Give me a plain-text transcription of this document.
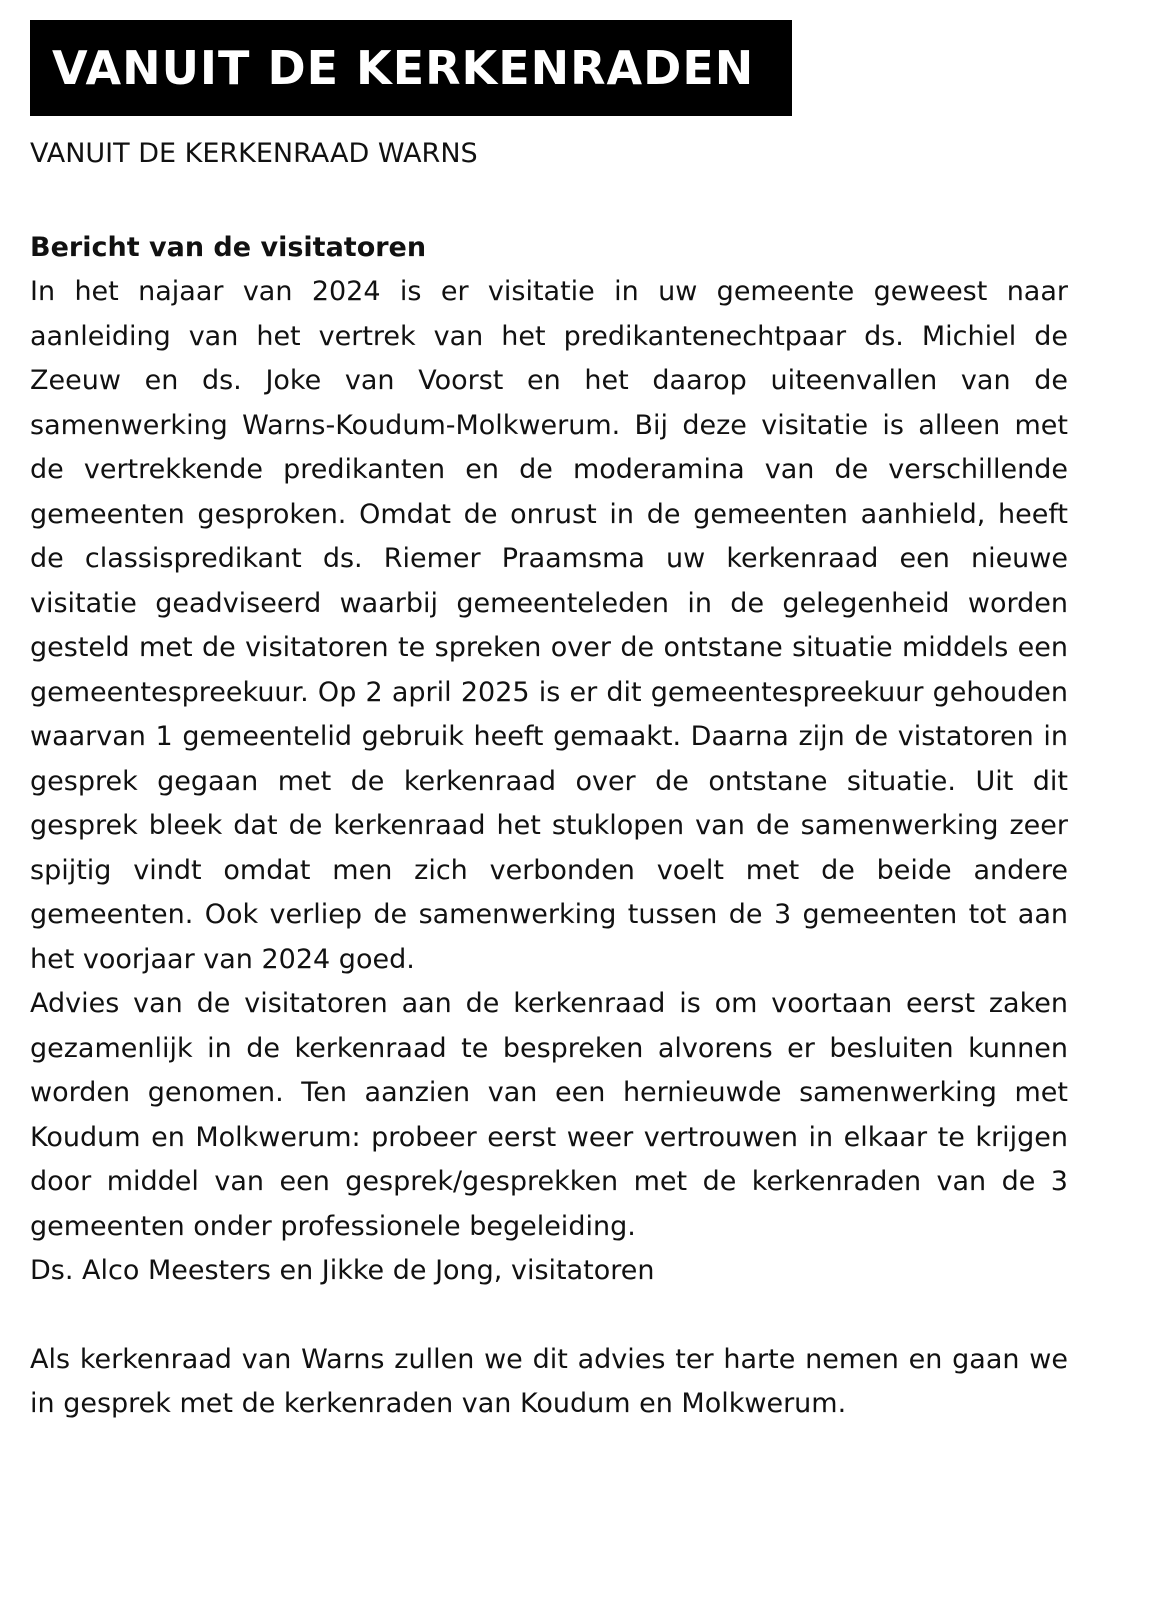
VANUIT DE KERKENRADEN
VANUIT DE KERKENRAAD WARNS
Bericht van de visitatoren

In het najaar van 2024 is er visitatie in uw gemeente geweest naar aanleiding van het vertrek van het predikantenechtpaar ds. Michiel de Zeeuw en ds. Joke van Voorst en het daarop uiteenvallen van de samenwerking Warns-Koudum-Molkwerum. Bij deze visitatie is alleen met de vertrekkende predikanten en de moderamina van de verschillende gemeenten gesproken. Omdat de onrust in de gemeenten aanhield, heeft de classispredikant ds. Riemer Praamsma uw kerkenraad een nieuwe visitatie geadviseerd waarbij gemeenteleden in de gelegenheid worden gesteld met de visitatoren te spreken over de ontstane situatie middels een gemeentespreekuur. Op 2 april 2025 is er dit gemeentespreekuur gehouden waarvan 1 gemeentelid gebruik heeft gemaakt. Daarna zijn de vistatoren in gesprek gegaan met de kerkenraad over de ontstane situatie. Uit dit gesprek bleek dat de kerkenraad het stuklopen van de samenwerking zeer spijtig vindt omdat men zich verbonden voelt met de beide andere gemeenten. Ook verliep de samenwerking tussen de 3 gemeenten tot aan het voorjaar van 2024 goed.

Advies van de visitatoren aan de kerkenraad is om voortaan eerst zaken gezamenlijk in de kerkenraad te bespreken alvorens er besluiten kunnen worden genomen. Ten aanzien van een hernieuwde samenwerking met Koudum en Molkwerum: probeer eerst weer vertrouwen in elkaar te krijgen door middel van een gesprek/gesprekken met de kerkenraden van de 3 gemeenten onder professionele begeleiding.

Ds. Alco Meesters en Jikke de Jong, visitatoren

Als kerkenraad van Warns zullen we dit advies ter harte nemen en gaan we in gesprek met de kerkenraden van Koudum en Molkwerum.
